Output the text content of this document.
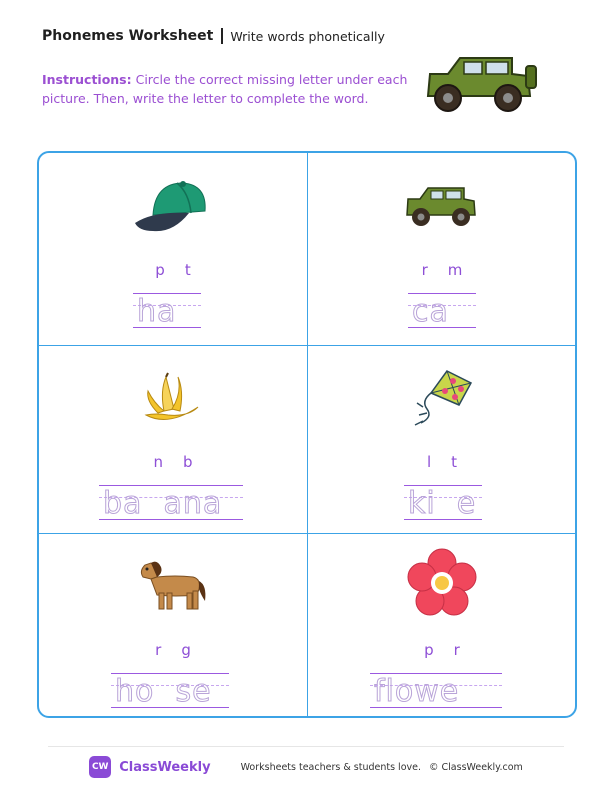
Phonemes Worksheet Write words phonetically

Instructions: Circle the correct missing letter under each picture. Then, write the letter to complete the word.

p t
ha
r m
ca
n b
ba  ana
l t
ki  e
r g
ho  se
p r
flowe
CW ClassWeekly	Worksheets teachers & students love. © ClassWeekly.com
